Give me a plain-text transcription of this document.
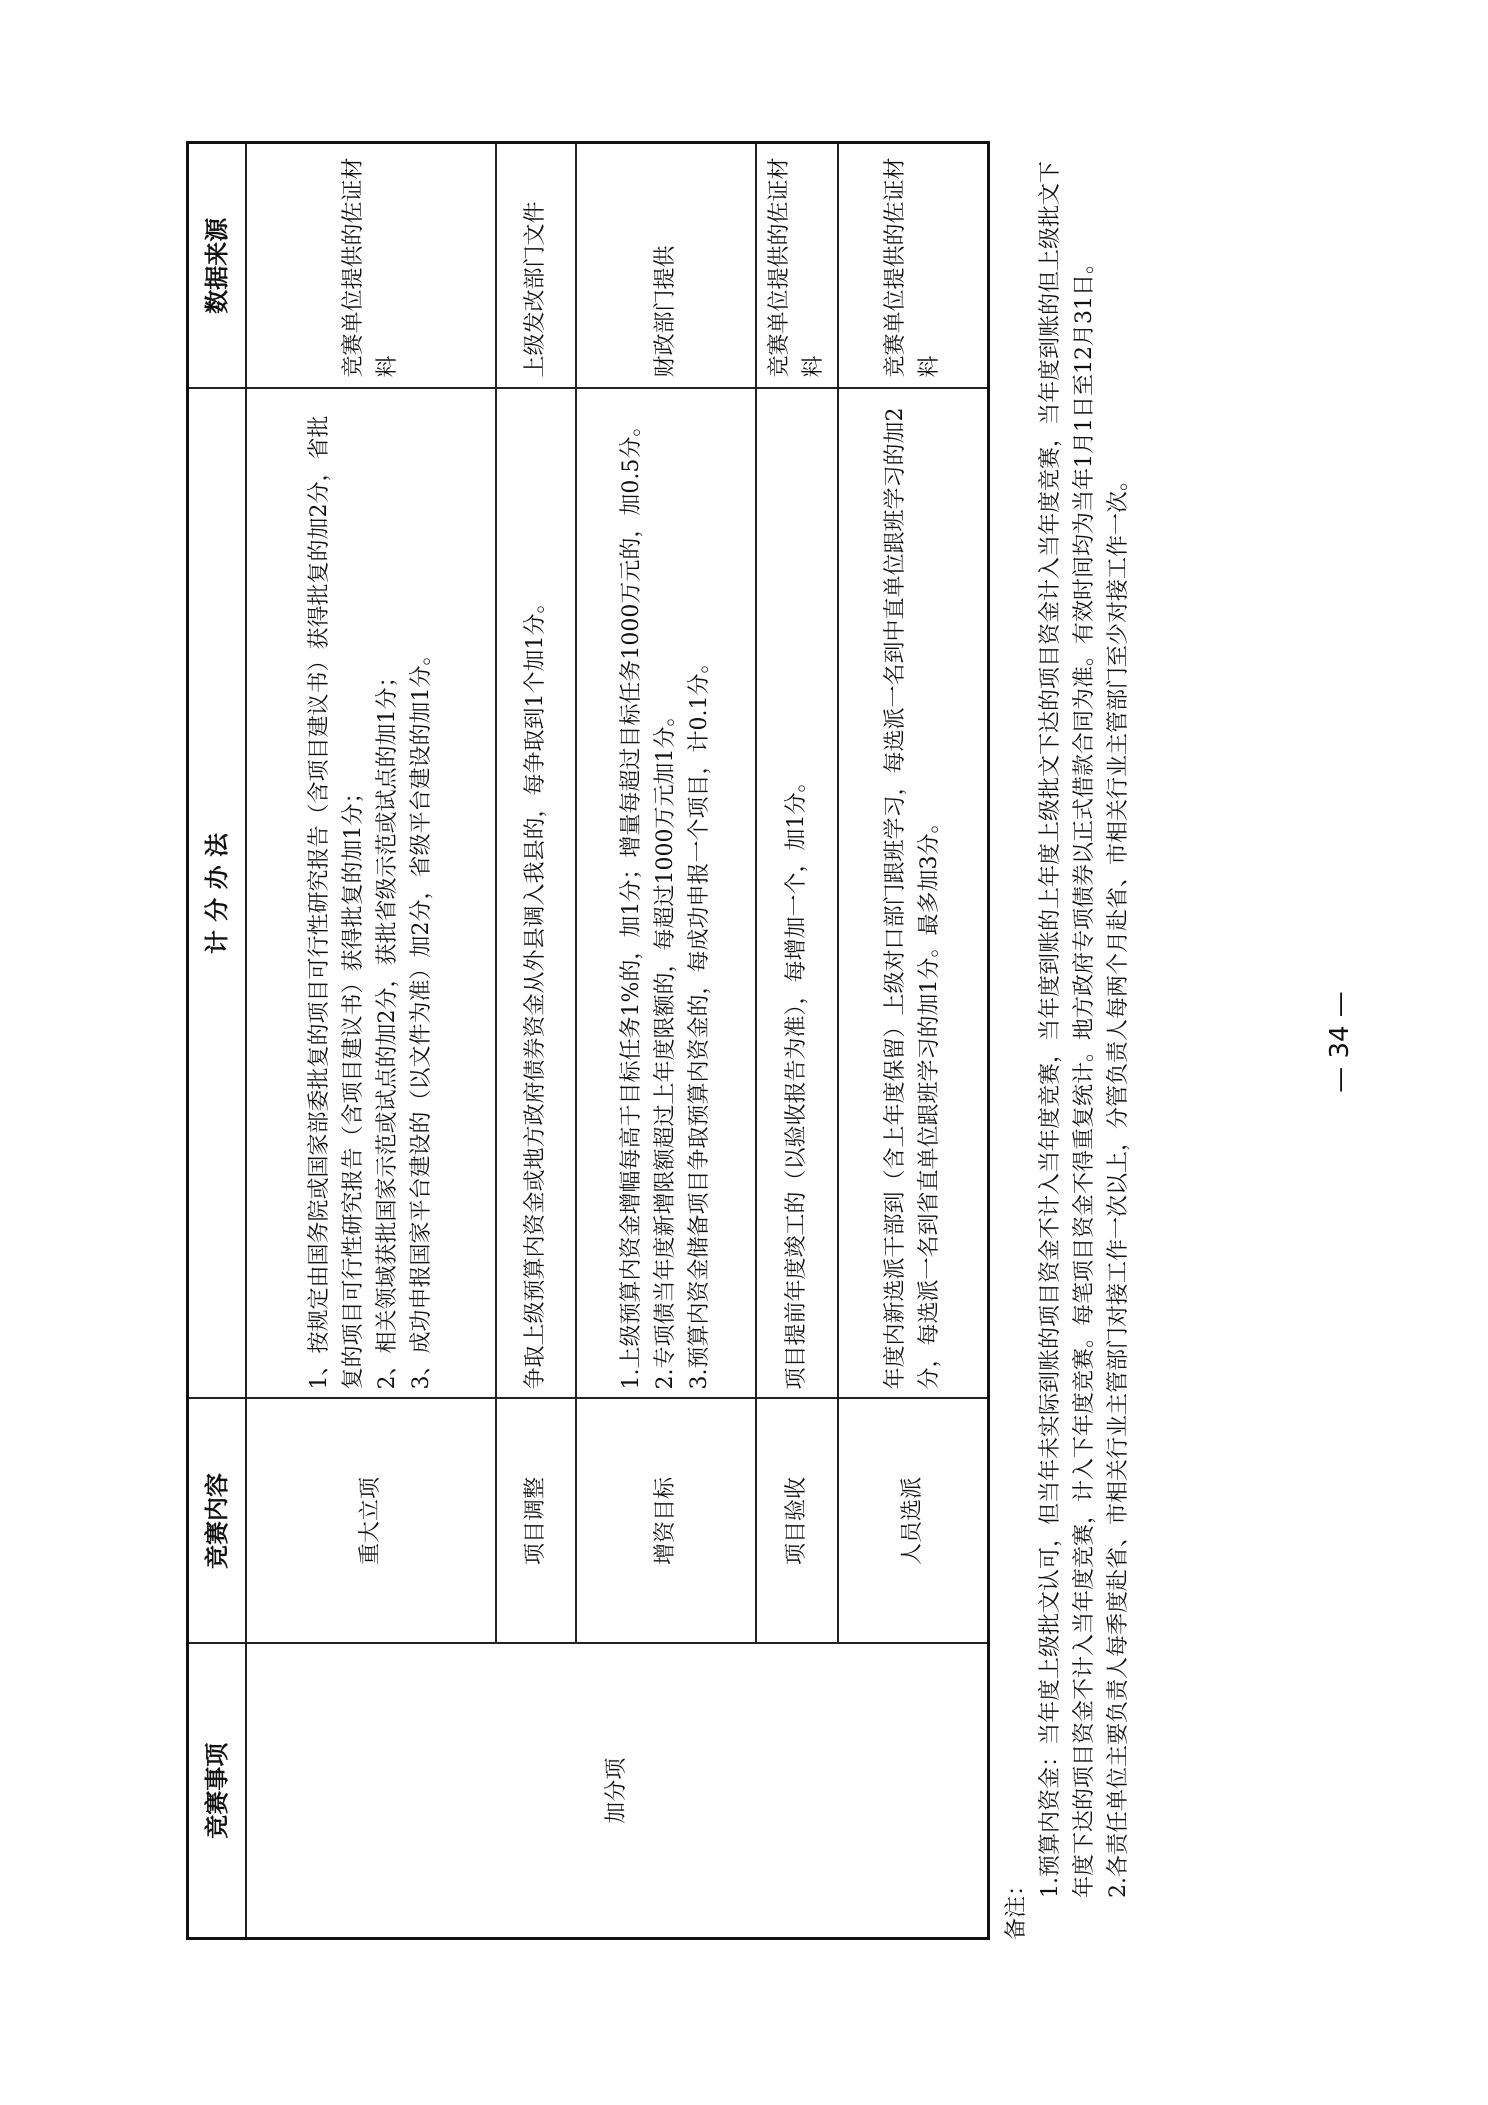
竞赛事项	竞赛内容	计 分 办 法	数据来源
加分项	重大立项	1、按规定由国务院或国家部委批复的项目可行性研究报告（含项目建议书）获得批复的加2分，省批复的项目可行性研究报告（含项目建议书）获得批复的加1分； 2、相关领域获批国家示范或试点的加2分，获批省级示范或试点的加1分； 3、成功申报国家平台建设的（以文件为准）加2分，省级平台建设的加1分。	竞赛单位提供的佐证材料
	项目调整	争取上级预算内资金或地方政府债券资金从外县调入我县的，每争取到1个加1分。	上级发改部门文件
	增资目标	1.上级预算内资金增幅每高于目标任务1%的，加1分；增量每超过目标任务1000万元的，加0.5分。 2.专项债当年度新增限额超过上年度限额的，每超过1000万元加1分。 3.预算内资金储备项目争取预算内资金的，每成功申报一个项目，计0.1分。	财政部门提供
	项目验收	项目提前年度竣工的（以验收报告为准），每增加一个，加1分。	竞赛单位提供的佐证材料
	人员选派	年度内新选派干部到（含上年度保留）上级对口部门跟班学习，每选派一名到中直单位跟班学习的加2分，每选派一名到省直单位跟班学习的加1分。最多加3分。	竞赛单位提供的佐证材料
备注：
1.预算内资金：当年度上级批文认可，但当年未实际到账的项目资金不计入当年度竞赛，当年度到账的上年度上级批文下达的项目资金计入当年度竞赛，当年度到账的但上级批文下年度下达的项目资金不计入当年度竞赛，计入下年度竞赛。每笔项目资金不得重复统计。地方政府专项债券以正式借款合同为准。有效时间均为当年1月1日至12月31日。 2.各责任单位主要负责人每季度赴省、市相关行业主管部门对接工作一次以上，分管负责人每两个月赴省、市相关行业主管部门至少对接工作一次。	— 34 —
